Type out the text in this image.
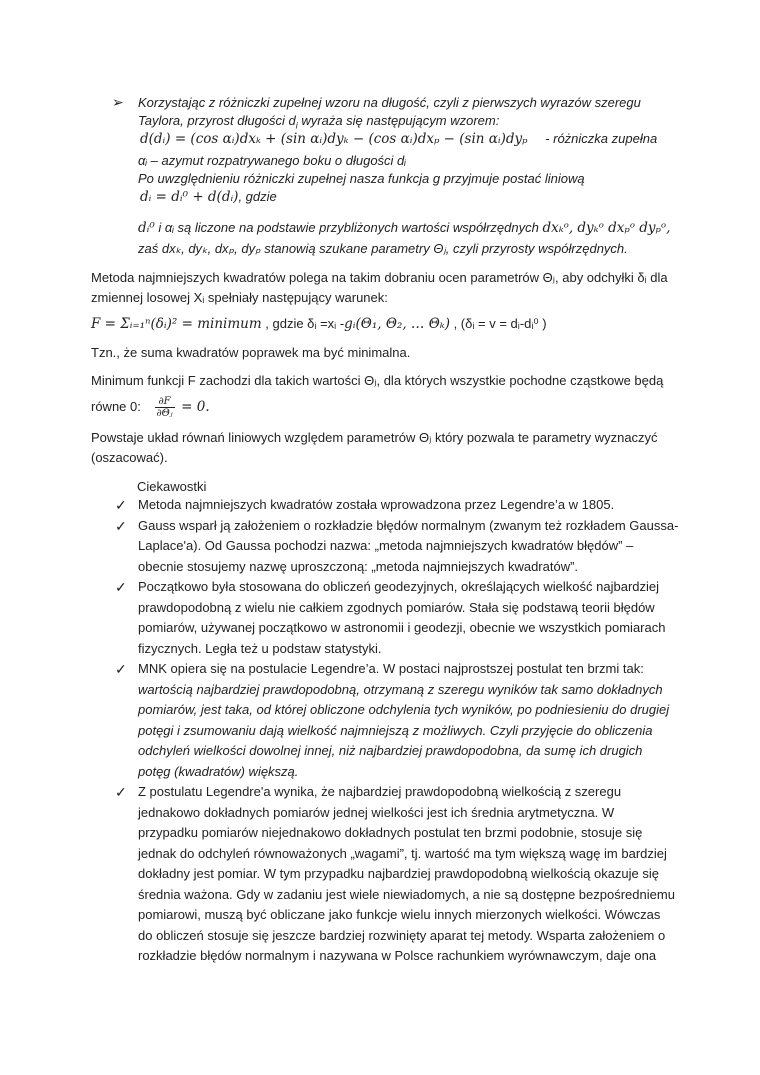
➢ Korzystając z różniczki zupełnej wzoru na długość, czyli z pierwszych wyrazów szeregu
Taylora, przyrost długości $d_i$ wyraża się następującym wzorem:
d(dᵢ) = (cos αᵢ)dxₖ + (sin αᵢ)dyₖ − (cos αᵢ)dxₚ − (sin αᵢ)dyₚ - różniczka zupełna
αᵢ – azymut rozpatrywanego boku o długości dᵢ
Po uwzględnieniu różniczki zupełnej nasza funkcja g przyjmuje postać liniową
dᵢ = dᵢ⁰ + d(dᵢ), gdzie
dᵢ⁰ i αᵢ są liczone na podstawie przybliżonych wartości współrzędnych dxₖᵒ, dyₖᵒ dxₚᵒ dyₚᵒ,
zaś dxₖ, dyₖ, dxₚ, dyₚ stanowią szukane parametry Θⱼ, czyli przyrosty współrzędnych.
Metoda najmniejszych kwadratów polega na takim dobraniu ocen parametrów Θⱼ, aby odchyłki δᵢ dla
zmiennej losowej Xᵢ spełniały następujący warunek:
F = Σᵢ₌₁ⁿ(δᵢ)² = minimum , gdzie δᵢ =xᵢ -gᵢ(Θ₁, Θ₂, … Θₖ) , (δᵢ = v = dᵢ-dᵢ⁰ )
Tzn., że suma kwadratów poprawek ma być minimalna.
Minimum funkcji F zachodzi dla takich wartości Θⱼ, dla których wszystkie pochodne cząstkowe będą
równe 0: $\frac{\partial F}{\text{∂Θⱼ}} = 0$.
Powstaje układ równań liniowych względem parametrów Θⱼ który pozwala te parametry wyznaczyć
(oszacować).
Ciekawostki
✓ Metoda najmniejszych kwadratów została wprowadzona przez Legendre’a w 1805.
✓ Gauss wsparł ją założeniem o rozkładzie błędów normalnym (zwanym też rozkładem Gaussa-
Laplace'a). Od Gaussa pochodzi nazwa: „metoda najmniejszych kwadratów błędów” –
obecnie stosujemy nazwę uproszczoną: „metoda najmniejszych kwadratów”.
✓ Początkowo była stosowana do obliczeń geodezyjnych, określających wielkość najbardziej
prawdopodobną z wielu nie całkiem zgodnych pomiarów. Stała się podstawą teorii błędów
pomiarów, używanej początkowo w astronomii i geodezji, obecnie we wszystkich pomiarach
fizycznych. Legła też u podstaw statystyki.
✓ MNK opiera się na postulacie Legendre’a. W postaci najprostszej postulat ten brzmi tak:
wartością najbardziej prawdopodobną, otrzymaną z szeregu wyników tak samo dokładnych
pomiarów, jest taka, od której obliczone odchylenia tych wyników, po podniesieniu do drugiej
potęgi i zsumowaniu dają wielkość najmniejszą z możliwych. Czyli przyjęcie do obliczenia
odchyleń wielkości dowolnej innej, niż najbardziej prawdopodobna, da sumę ich drugich
potęg (kwadratów) większą.
✓ Z postulatu Legendre'a wynika, że najbardziej prawdopodobną wielkością z szeregu
jednakowo dokładnych pomiarów jednej wielkości jest ich średnia arytmetyczna. W
przypadku pomiarów niejednakowo dokładnych postulat ten brzmi podobnie, stosuje się
jednak do odchyleń równoważonych „wagami”, tj. wartość ma tym większą wagę im bardziej
dokładny jest pomiar. W tym przypadku najbardziej prawdopodobną wielkością okazuje się
średnia ważona. Gdy w zadaniu jest wiele niewiadomych, a nie są dostępne bezpośredniemu
pomiarowi, muszą być obliczane jako funkcje wielu innych mierzonych wielkości. Wówczas
do obliczeń stosuje się jeszcze bardziej rozwinięty aparat tej metody. Wsparta założeniem o
rozkładzie błędów normalnym i nazywana w Polsce rachunkiem wyrównawczym, daje ona
